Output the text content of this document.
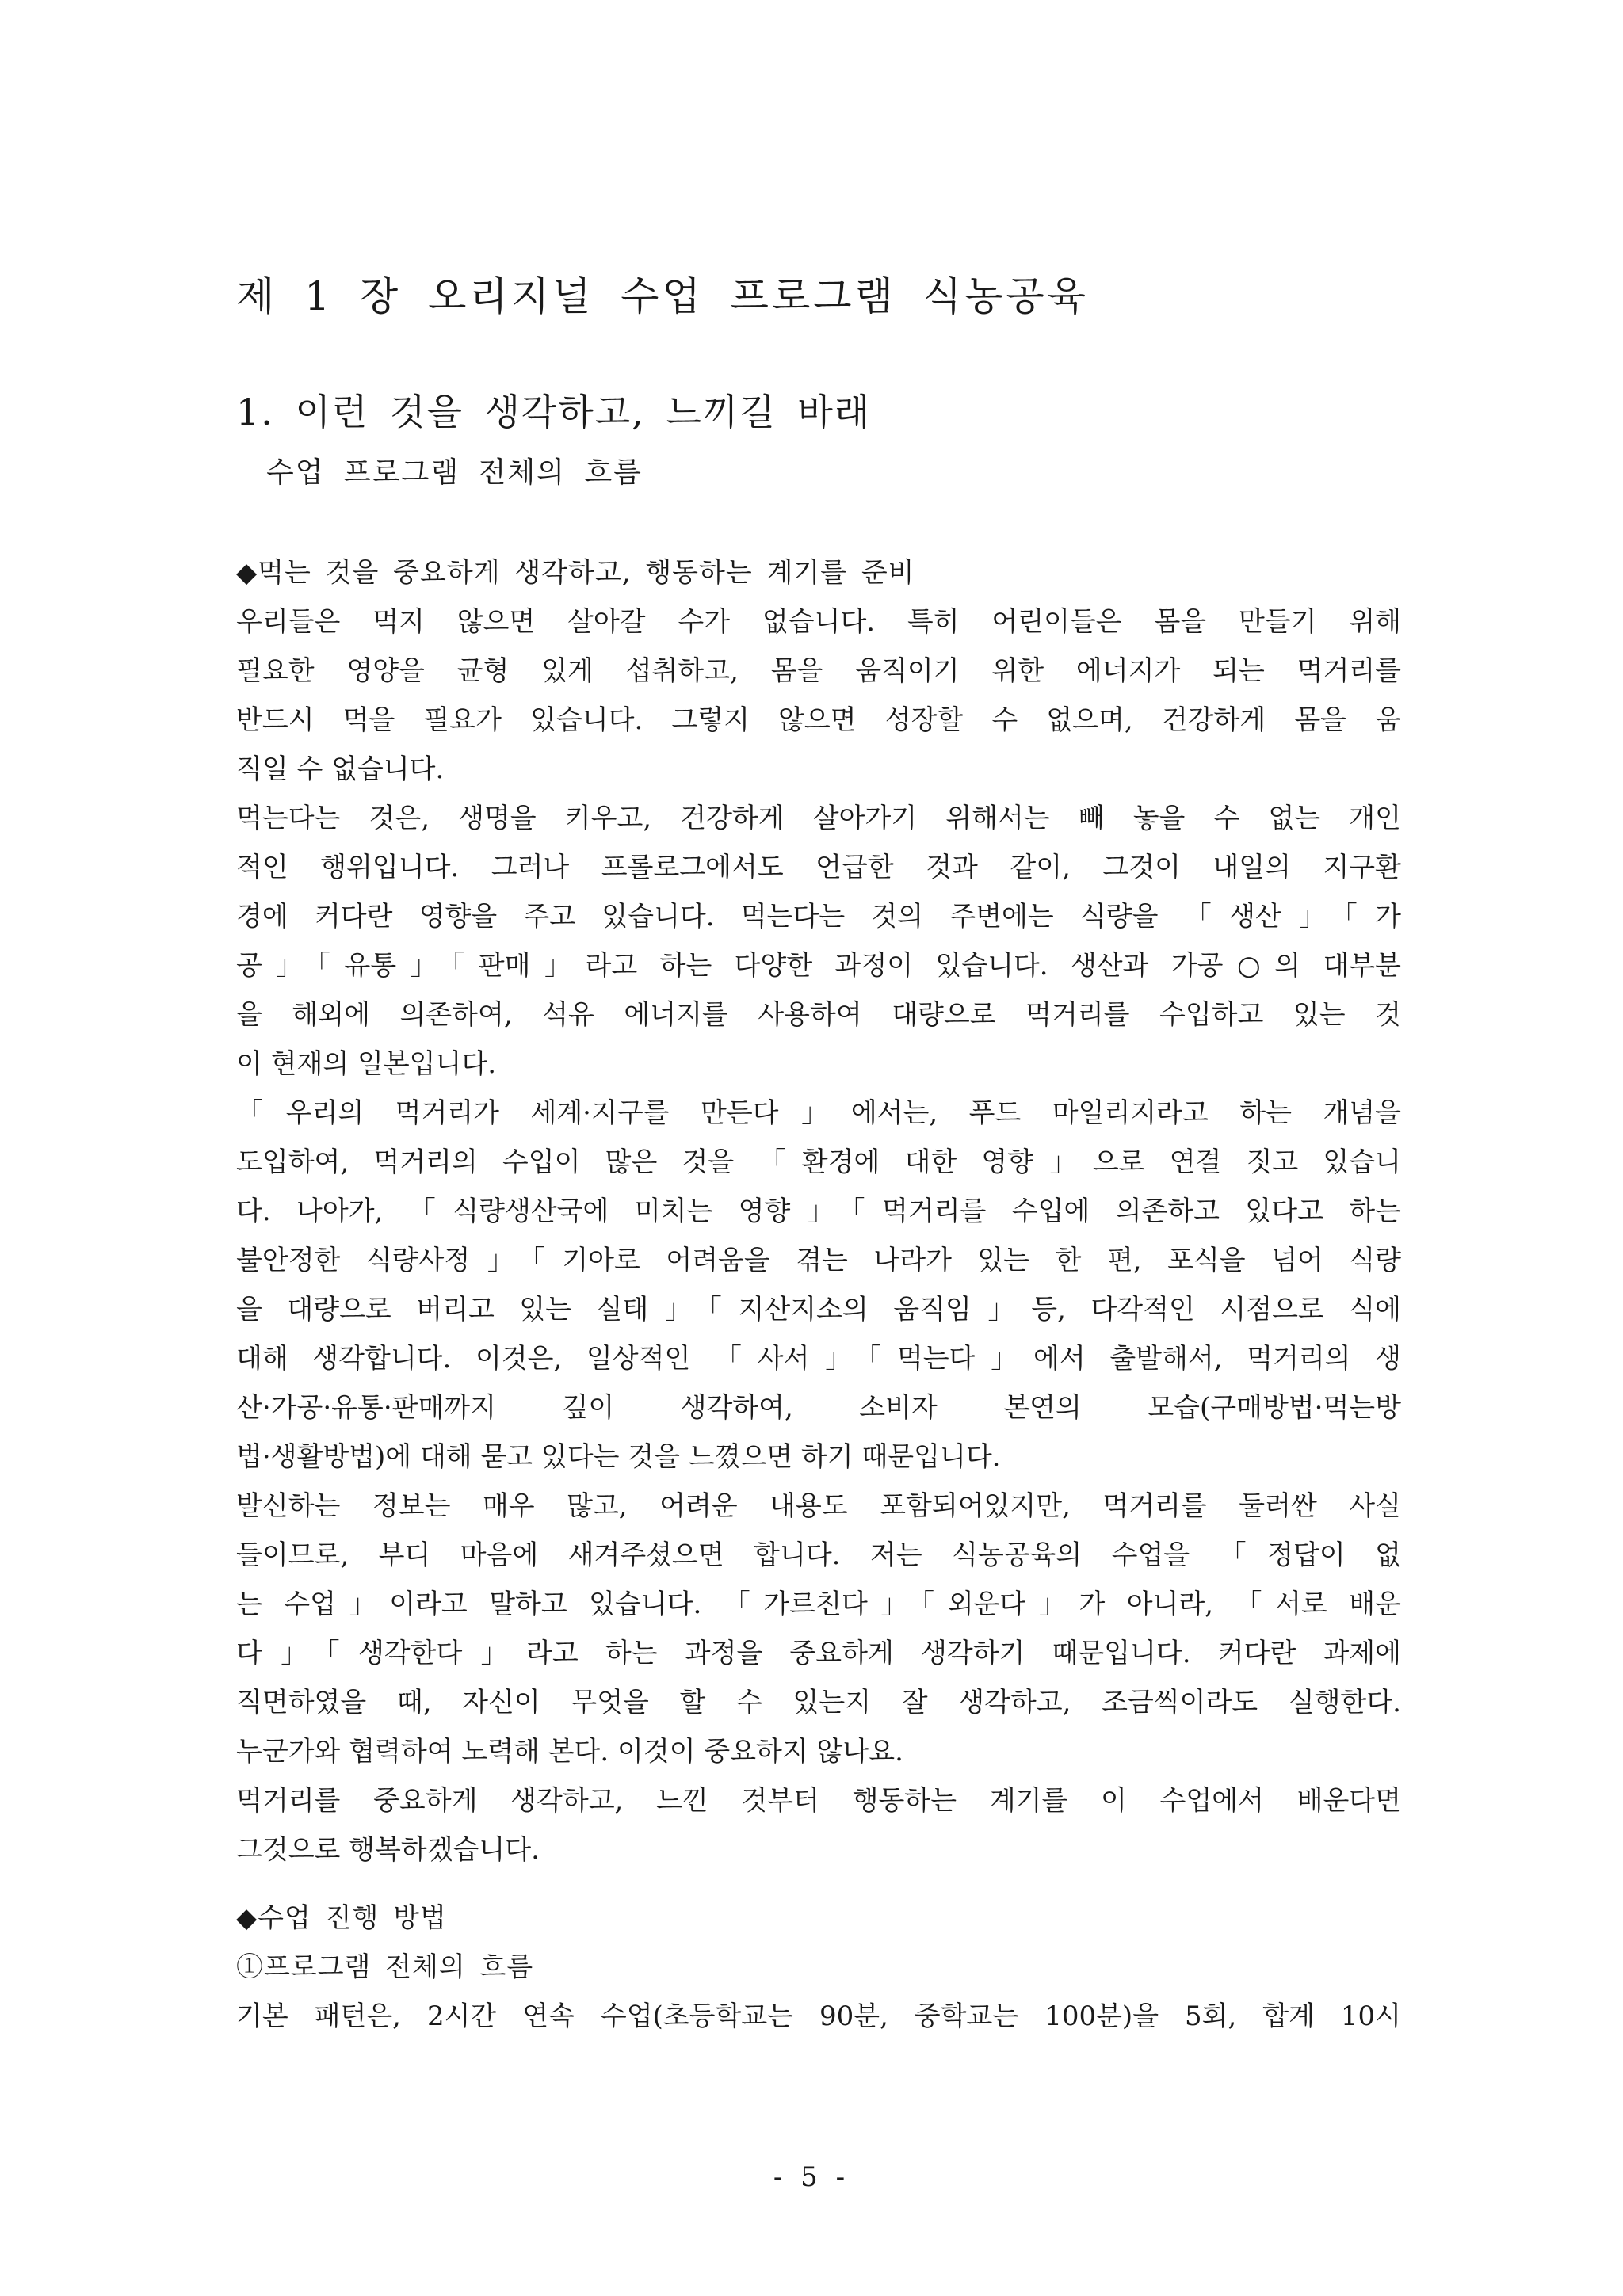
제 1 장 오리지널 수업 프로그램 식농공육
1. 이런 것을 생각하고, 느끼길 바래
수업 프로그램 전체의 흐름
◆먹는 것을 중요하게 생각하고, 행동하는 계기를 준비
우리들은 먹지 않으면 살아갈 수가 없습니다. 특히 어린이들은 몸을 만들기 위해
필요한 영양을 균형 있게 섭취하고, 몸을 움직이기 위한 에너지가 되는 먹거리를
반드시 먹을 필요가 있습니다. 그렇지 않으면 성장할 수 없으며, 건강하게 몸을 움
직일 수 없습니다.
먹는다는 것은, 생명을 키우고, 건강하게 살아가기 위해서는 빼 놓을 수 없는 개인
적인 행위입니다. 그러나 프롤로그에서도 언급한 것과 같이, 그것이 내일의 지구환
경에 커다란 영향을 주고 있습니다. 먹는다는 것의 주변에는 식량을 「생산」「가
공」「유통」「판매」라고 하는 다양한 과정이 있습니다. 생산과 가공○의 대부분
을 해외에 의존하여, 석유 에너지를 사용하여 대량으로 먹거리를 수입하고 있는 것
이 현재의 일본입니다.
「우리의 먹거리가 세계·지구를 만든다」에서는, 푸드 마일리지라고 하는 개념을
도입하여, 먹거리의 수입이 많은 것을 「환경에 대한 영향」으로 연결 짓고 있습니
다. 나아가, 「식량생산국에 미치는 영향」「먹거리를 수입에 의존하고 있다고 하는
불안정한 식량사정」「기아로 어려움을 겪는 나라가 있는 한 편, 포식을 넘어 식량
을 대량으로 버리고 있는 실태」「지산지소의 움직임」등, 다각적인 시점으로 식에
대해 생각합니다. 이것은, 일상적인 「사서」「먹는다」에서 출발해서, 먹거리의 생
산·가공·유통·판매까지 깊이 생각하여, 소비자 본연의 모습(구매방법·먹는방
법·생활방법)에 대해 묻고 있다는 것을 느꼈으면 하기 때문입니다.
발신하는 정보는 매우 많고, 어려운 내용도 포함되어있지만, 먹거리를 둘러싼 사실
들이므로, 부디 마음에 새겨주셨으면 합니다. 저는 식농공육의 수업을 「정답이 없
는 수업」이라고 말하고 있습니다. 「가르친다」「외운다」가 아니라, 「서로 배운
다」「생각한다」라고 하는 과정을 중요하게 생각하기 때문입니다. 커다란 과제에
직면하였을 때, 자신이 무엇을 할 수 있는지 잘 생각하고, 조금씩이라도 실행한다.
누군가와 협력하여 노력해 본다. 이것이 중요하지 않나요.
먹거리를 중요하게 생각하고, 느낀 것부터 행동하는 계기를 이 수업에서 배운다면
그것으로 행복하겠습니다.
◆수업 진행 방법
①프로그램 전체의 흐름
기본 패턴은, 2시간 연속 수업(초등학교는 90분, 중학교는 100분)을 5회, 합계 10시
- 5 -
